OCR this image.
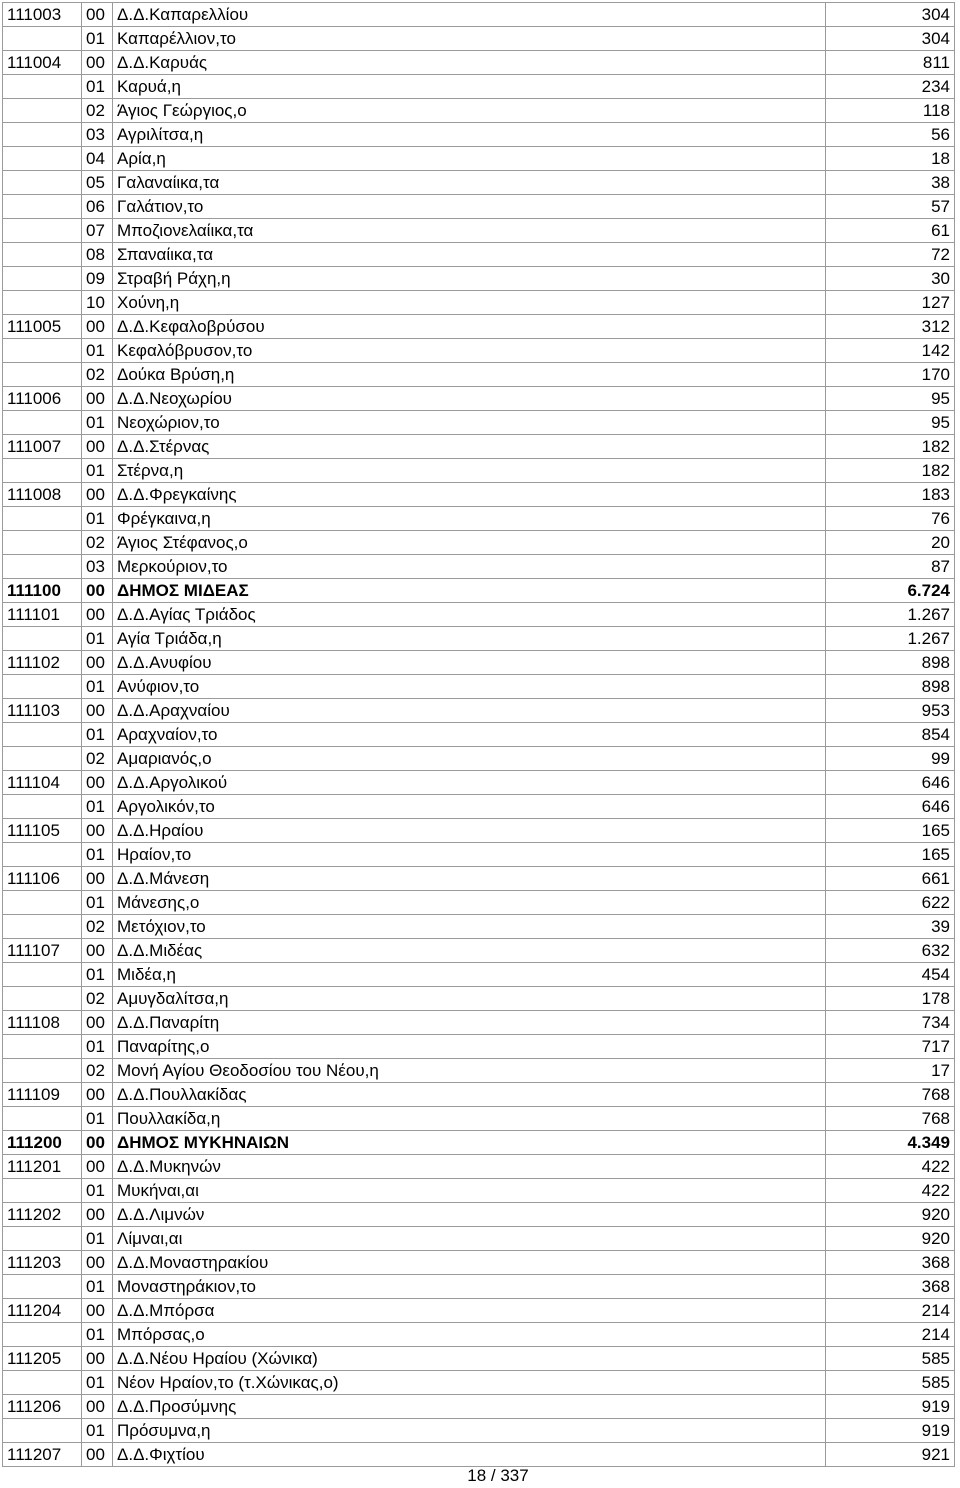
111003	00	Δ.Δ.Καπαρελλίου	304
	01	Καπαρέλλιον,το	304
111004	00	Δ.Δ.Καρυάς	811
	01	Καρυά,η	234
	02	Άγιος Γεώργιος,ο	118
	03	Αγριλίτσα,η	56
	04	Αρία,η	18
	05	Γαλαναίικα,τα	38
	06	Γαλάτιον,το	57
	07	Μποζιονελαίικα,τα	61
	08	Σπαναίικα,τα	72
	09	Στραβή Ράχη,η	30
	10	Χούνη,η	127
111005	00	Δ.Δ.Κεφαλοβρύσου	312
	01	Κεφαλόβρυσον,το	142
	02	Δούκα Βρύση,η	170
111006	00	Δ.Δ.Νεοχωρίου	95
	01	Νεοχώριον,το	95
111007	00	Δ.Δ.Στέρνας	182
	01	Στέρνα,η	182
111008	00	Δ.Δ.Φρεγκαίνης	183
	01	Φρέγκαινα,η	76
	02	Άγιος Στέφανος,ο	20
	03	Μερκούριον,το	87
111100	00	ΔΗΜΟΣ ΜΙΔΕΑΣ	6.724
111101	00	Δ.Δ.Αγίας Τριάδος	1.267
	01	Αγία Τριάδα,η	1.267
111102	00	Δ.Δ.Ανυφίου	898
	01	Ανύφιον,το	898
111103	00	Δ.Δ.Αραχναίου	953
	01	Αραχναίον,το	854
	02	Αμαριανός,ο	99
111104	00	Δ.Δ.Αργολικού	646
	01	Αργολικόν,το	646
111105	00	Δ.Δ.Ηραίου	165
	01	Ηραίον,το	165
111106	00	Δ.Δ.Μάνεση	661
	01	Μάνεσης,ο	622
	02	Μετόχιον,το	39
111107	00	Δ.Δ.Μιδέας	632
	01	Μιδέα,η	454
	02	Αμυγδαλίτσα,η	178
111108	00	Δ.Δ.Παναρίτη	734
	01	Παναρίτης,ο	717
	02	Μονή Αγίου Θεοδοσίου του Νέου,η	17
111109	00	Δ.Δ.Πουλλακίδας	768
	01	Πουλλακίδα,η	768
111200	00	ΔΗΜΟΣ ΜΥΚΗΝΑΙΩΝ	4.349
111201	00	Δ.Δ.Μυκηνών	422
	01	Μυκήναι,αι	422
111202	00	Δ.Δ.Λιμνών	920
	01	Λίμναι,αι	920
111203	00	Δ.Δ.Μοναστηρακίου	368
	01	Μοναστηράκιον,το	368
111204	00	Δ.Δ.Μπόρσα	214
	01	Μπόρσας,ο	214
111205	00	Δ.Δ.Νέου Ηραίου (Χώνικα)	585
	01	Νέον Ηραίον,το (τ.Χώνικας,ο)	585
111206	00	Δ.Δ.Προσύμνης	919
	01	Πρόσυμνα,η	919
111207	00	Δ.Δ.Φιχτίου	921
18 / 337
